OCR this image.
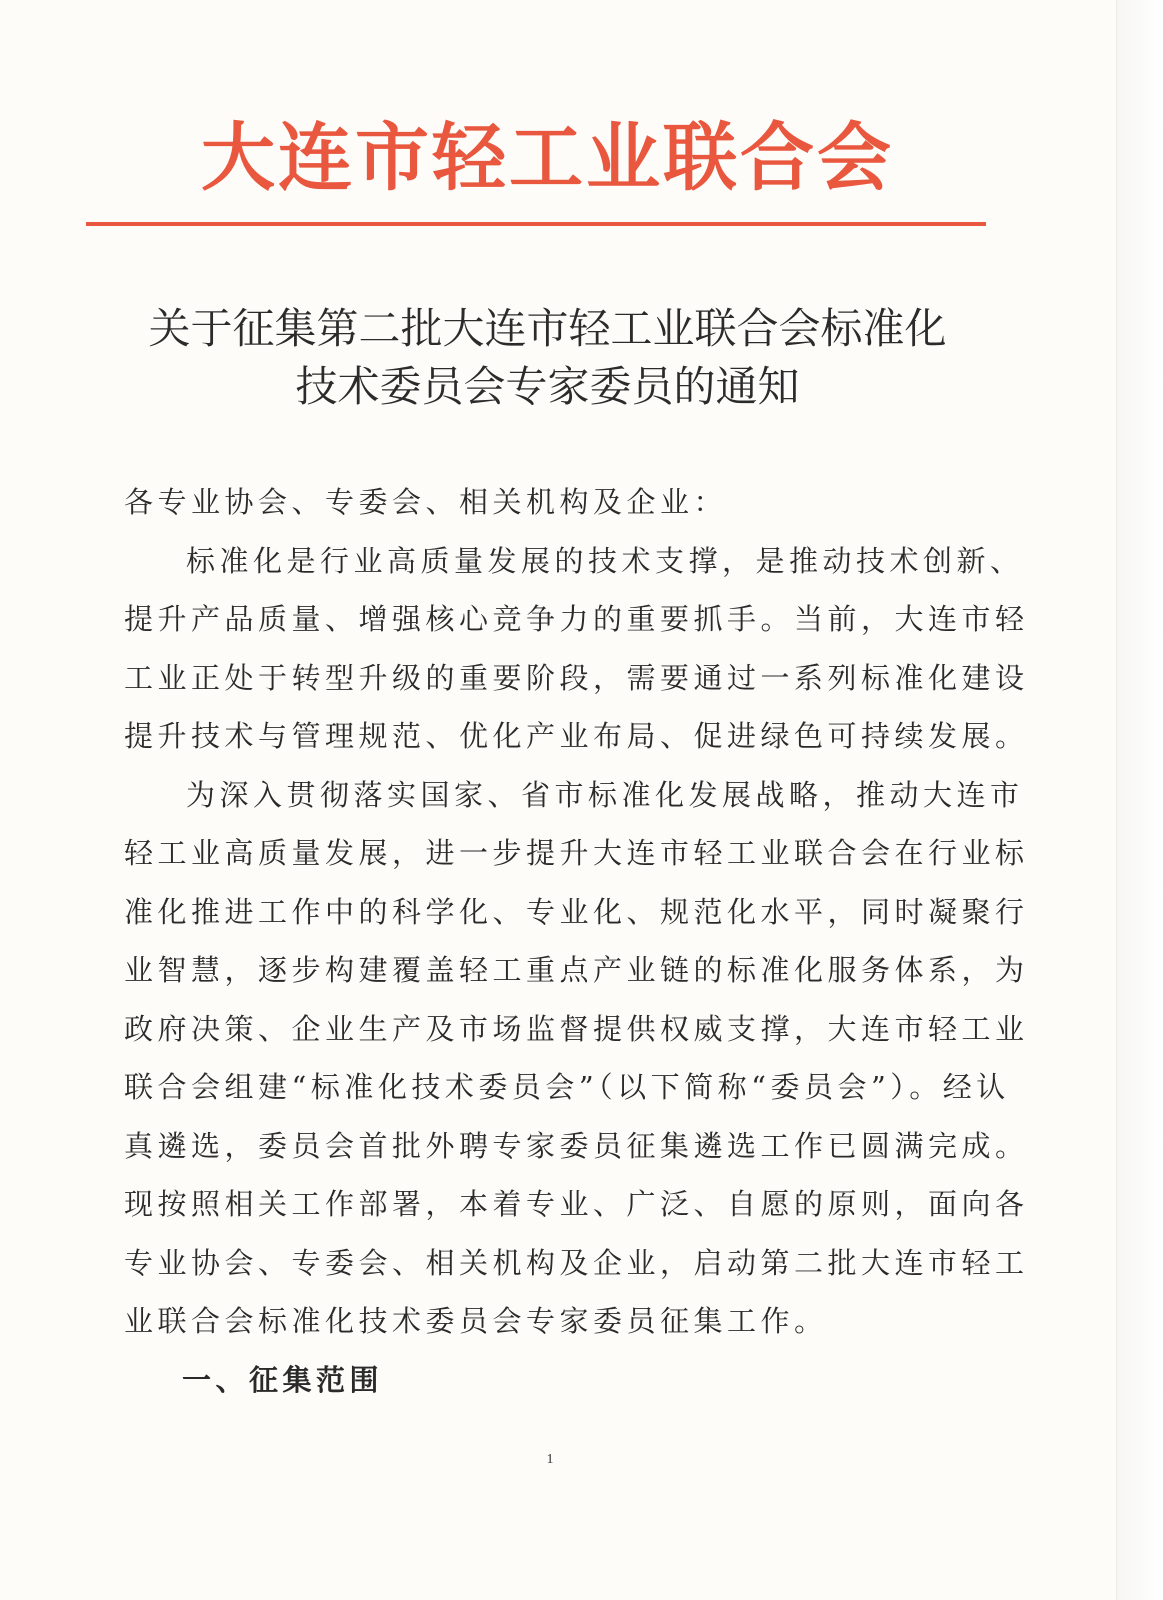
大连市轻工业联合会
关于征集第二批大连市轻工业联合会标准化
技术委员会专家委员的通知
各专业协会、专委会、相关机构及企业：
标准化是行业高质量发展的技术支撑，是推动技术创新、
提升产品质量、增强核心竞争力的重要抓手。当前，大连市轻
工业正处于转型升级的重要阶段，需要通过一系列标准化建设
提升技术与管理规范、优化产业布局、促进绿色可持续发展。
为深入贯彻落实国家、省市标准化发展战略，推动大连市
轻工业高质量发展，进一步提升大连市轻工业联合会在行业标
准化推进工作中的科学化、专业化、规范化水平，同时凝聚行
业智慧，逐步构建覆盖轻工重点产业链的标准化服务体系，为
政府决策、企业生产及市场监督提供权威支撑，大连市轻工业
联合会组建“标准化技术委员会”（以下简称“委员会”）。经认
真遴选，委员会首批外聘专家委员征集遴选工作已圆满完成。
现按照相关工作部署，本着专业、广泛、自愿的原则，面向各
专业协会、专委会、相关机构及企业，启动第二批大连市轻工
业联合会标准化技术委员会专家委员征集工作。
一、征集范围
1
